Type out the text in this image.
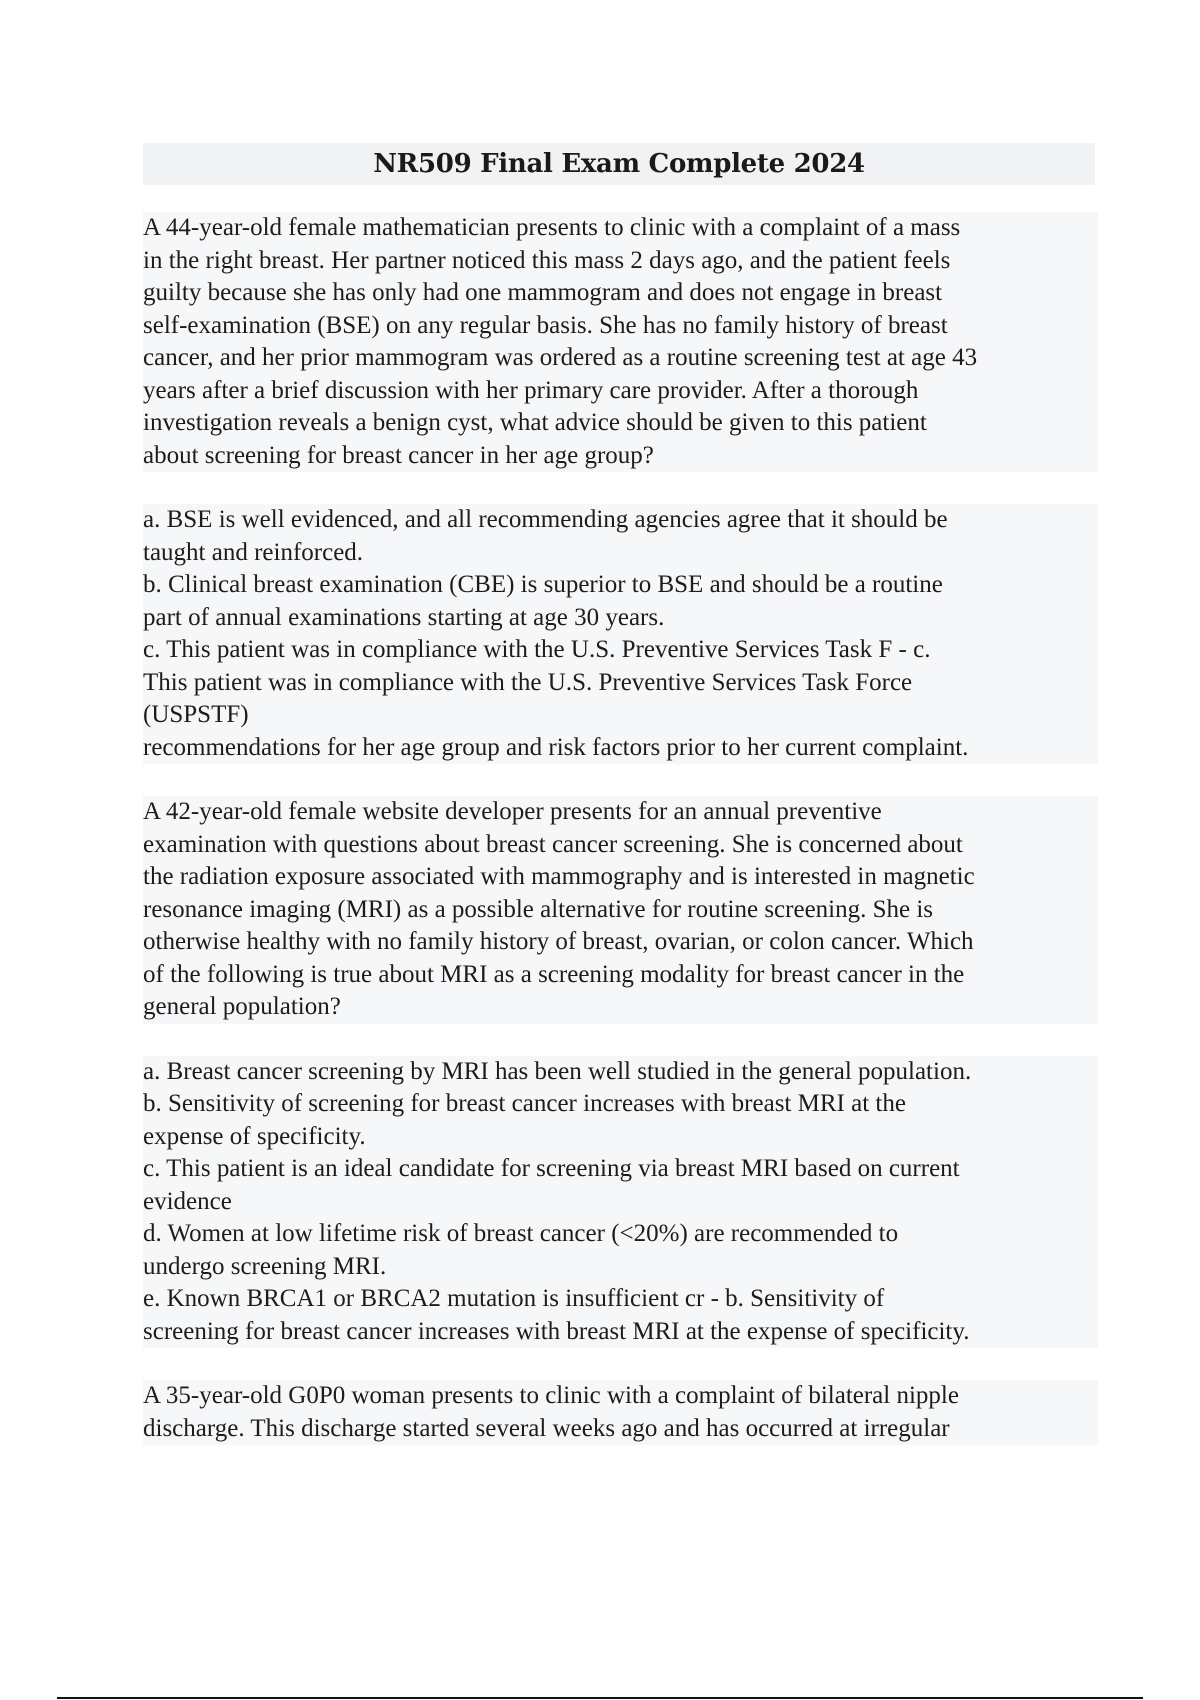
NR509 Final Exam Complete 2024
A 44-year-old female mathematician presents to clinic with a complaint of a mass
in the right breast. Her partner noticed this mass 2 days ago, and the patient feels
guilty because she has only had one mammogram and does not engage in breast
self-examination (BSE) on any regular basis. She has no family history of breast
cancer, and her prior mammogram was ordered as a routine screening test at age 43
years after a brief discussion with her primary care provider. After a thorough
investigation reveals a benign cyst, what advice should be given to this patient
about screening for breast cancer in her age group?
a. BSE is well evidenced, and all recommending agencies agree that it should be
taught and reinforced.
b. Clinical breast examination (CBE) is superior to BSE and should be a routine
part of annual examinations starting at age 30 years.
c. This patient was in compliance with the U.S. Preventive Services Task F - c.
This patient was in compliance with the U.S. Preventive Services Task Force
(USPSTF)
recommendations for her age group and risk factors prior to her current complaint.
A 42-year-old female website developer presents for an annual preventive
examination with questions about breast cancer screening. She is concerned about
the radiation exposure associated with mammography and is interested in magnetic
resonance imaging (MRI) as a possible alternative for routine screening. She is
otherwise healthy with no family history of breast, ovarian, or colon cancer. Which
of the following is true about MRI as a screening modality for breast cancer in the
general population?
a. Breast cancer screening by MRI has been well studied in the general population.
b. Sensitivity of screening for breast cancer increases with breast MRI at the
expense of specificity.
c. This patient is an ideal candidate for screening via breast MRI based on current
evidence
d. Women at low lifetime risk of breast cancer (<20%) are recommended to
undergo screening MRI.
e. Known BRCA1 or BRCA2 mutation is insufficient cr - b. Sensitivity of
screening for breast cancer increases with breast MRI at the expense of specificity.
A 35-year-old G0P0 woman presents to clinic with a complaint of bilateral nipple
discharge. This discharge started several weeks ago and has occurred at irregular
